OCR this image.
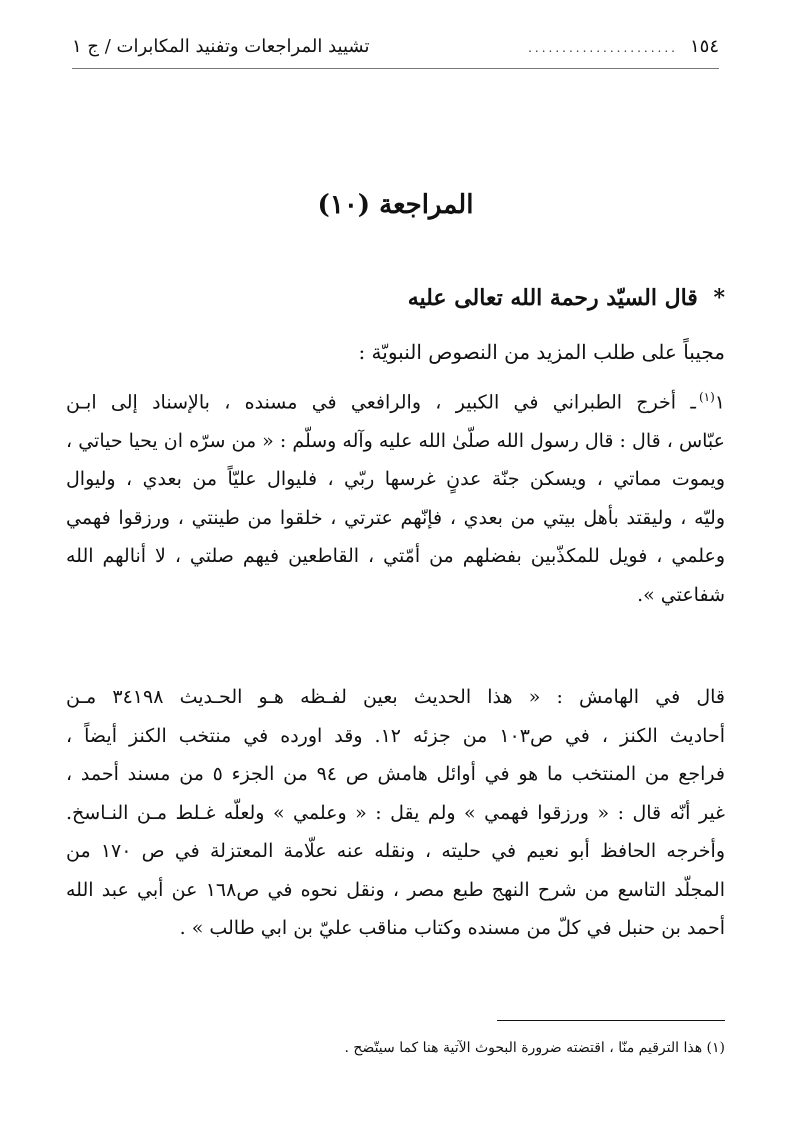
١٥٤
......................
تشييد المراجعات وتفنيد المكابرات / ج ١
المراجعة (١٠)
* قال السيّد رحمة الله تعالى عليه
مجيباً على طلب المزيد من النصوص النبويّة :
١$^{(١)}$ـ أخرج الطبراني في الكبير ، والرافعي في مسنده ، بالإسناد إلى ابـن
عبّاس ، قال : قال رسول الله صلّىٰ الله عليه وآله وسلّم : « من سرّه ان يحيا حياتي ،
ويموت مماتي ، ويسكن جنّة عدنٍ غرسها ربّي ، فليوال عليّاً من بعدي ، وليوال
وليّه ، وليقتد بأهل بيتي من بعدي ، فإنّهم عترتي ، خلقوا من طينتي ، ورزقوا فهمي
وعلمي ، فويل للمكذّبين بفضلهم من أمّتي ، القاطعين فيهم صلتي ، لا أنالهم الله
شفاعتي ».
قال في الهامش : « هذا الحديث بعين لفـظه هـو الحـديث ٣٤١٩٨ مـن
أحاديث الكنز ، في ص١٠٣ من جزئه ١٢. وقد اورده في منتخب الكنز أيضاً ،
فراجع من المنتخب ما هو في أوائل هامش ص ٩٤ من الجزء ٥ من مسند أحمد ،
غير أنّه قال : « ورزقوا فهمي » ولم يقل : « وعلمي » ولعلّه غـلط مـن النـاسخ.
وأخرجه الحافظ أبو نعيم في حليته ، ونقله عنه علّامة المعتزلة في ص ١٧٠ من
المجلّد التاسع من شرح النهج طبع مصر ، ونقل نحوه في ص١٦٨ عن أبي عبد الله
أحمد بن حنبل في كلّ من مسنده وكتاب مناقب عليّ بن ابي طالب » .
(١) هذا الترقيم منّا ، اقتضته ضرورة البحوث الآتية هنا كما سيتّضح .
